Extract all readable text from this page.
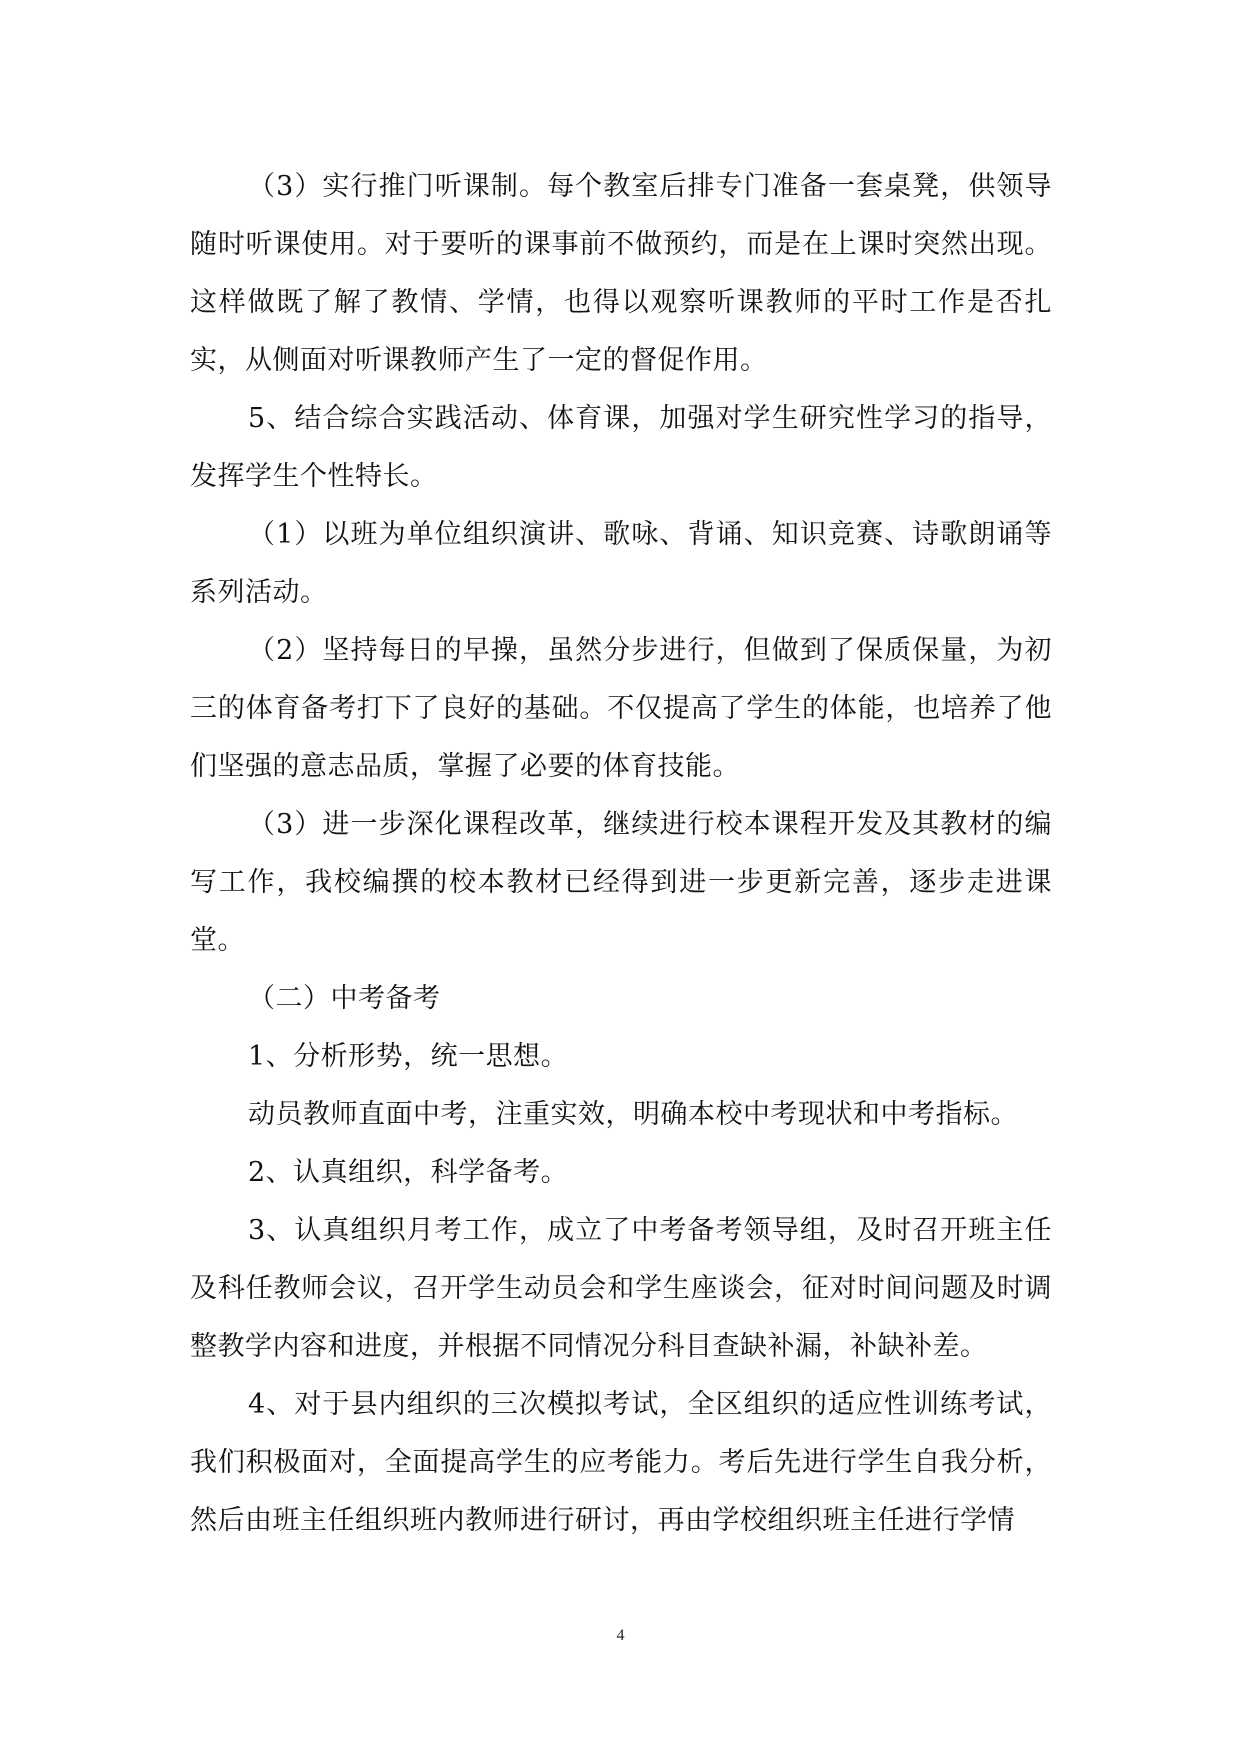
（3）实行推门听课制。每个教室后排专门准备一套桌凳，供领导随时听课使用。对于要听的课事前不做预约，而是在上课时突然出现。这样做既了解了教情、学情，也得以观察听课教师的平时工作是否扎实，从侧面对听课教师产生了一定的督促作用。

5、结合综合实践活动、体育课，加强对学生研究性学习的指导，发挥学生个性特长。

（1）以班为单位组织演讲、歌咏、背诵、知识竞赛、诗歌朗诵等系列活动。

（2）坚持每日的早操，虽然分步进行，但做到了保质保量，为初三的体育备考打下了良好的基础。不仅提高了学生的体能，也培养了他们坚强的意志品质，掌握了必要的体育技能。

（3）进一步深化课程改革，继续进行校本课程开发及其教材的编写工作，我校编撰的校本教材已经得到进一步更新完善，逐步走进课堂。

（二）中考备考

1、分析形势，统一思想。

动员教师直面中考，注重实效，明确本校中考现状和中考指标。

2、认真组织，科学备考。

3、认真组织月考工作，成立了中考备考领导组，及时召开班主任及科任教师会议，召开学生动员会和学生座谈会，征对时间问题及时调整教学内容和进度，并根据不同情况分科目查缺补漏，补缺补差。

4、对于县内组织的三次模拟考试，全区组织的适应性训练考试，我们积极面对，全面提高学生的应考能力。考后先进行学生自我分析，然后由班主任组织班内教师进行研讨，再由学校组织班主任进行学情

4
